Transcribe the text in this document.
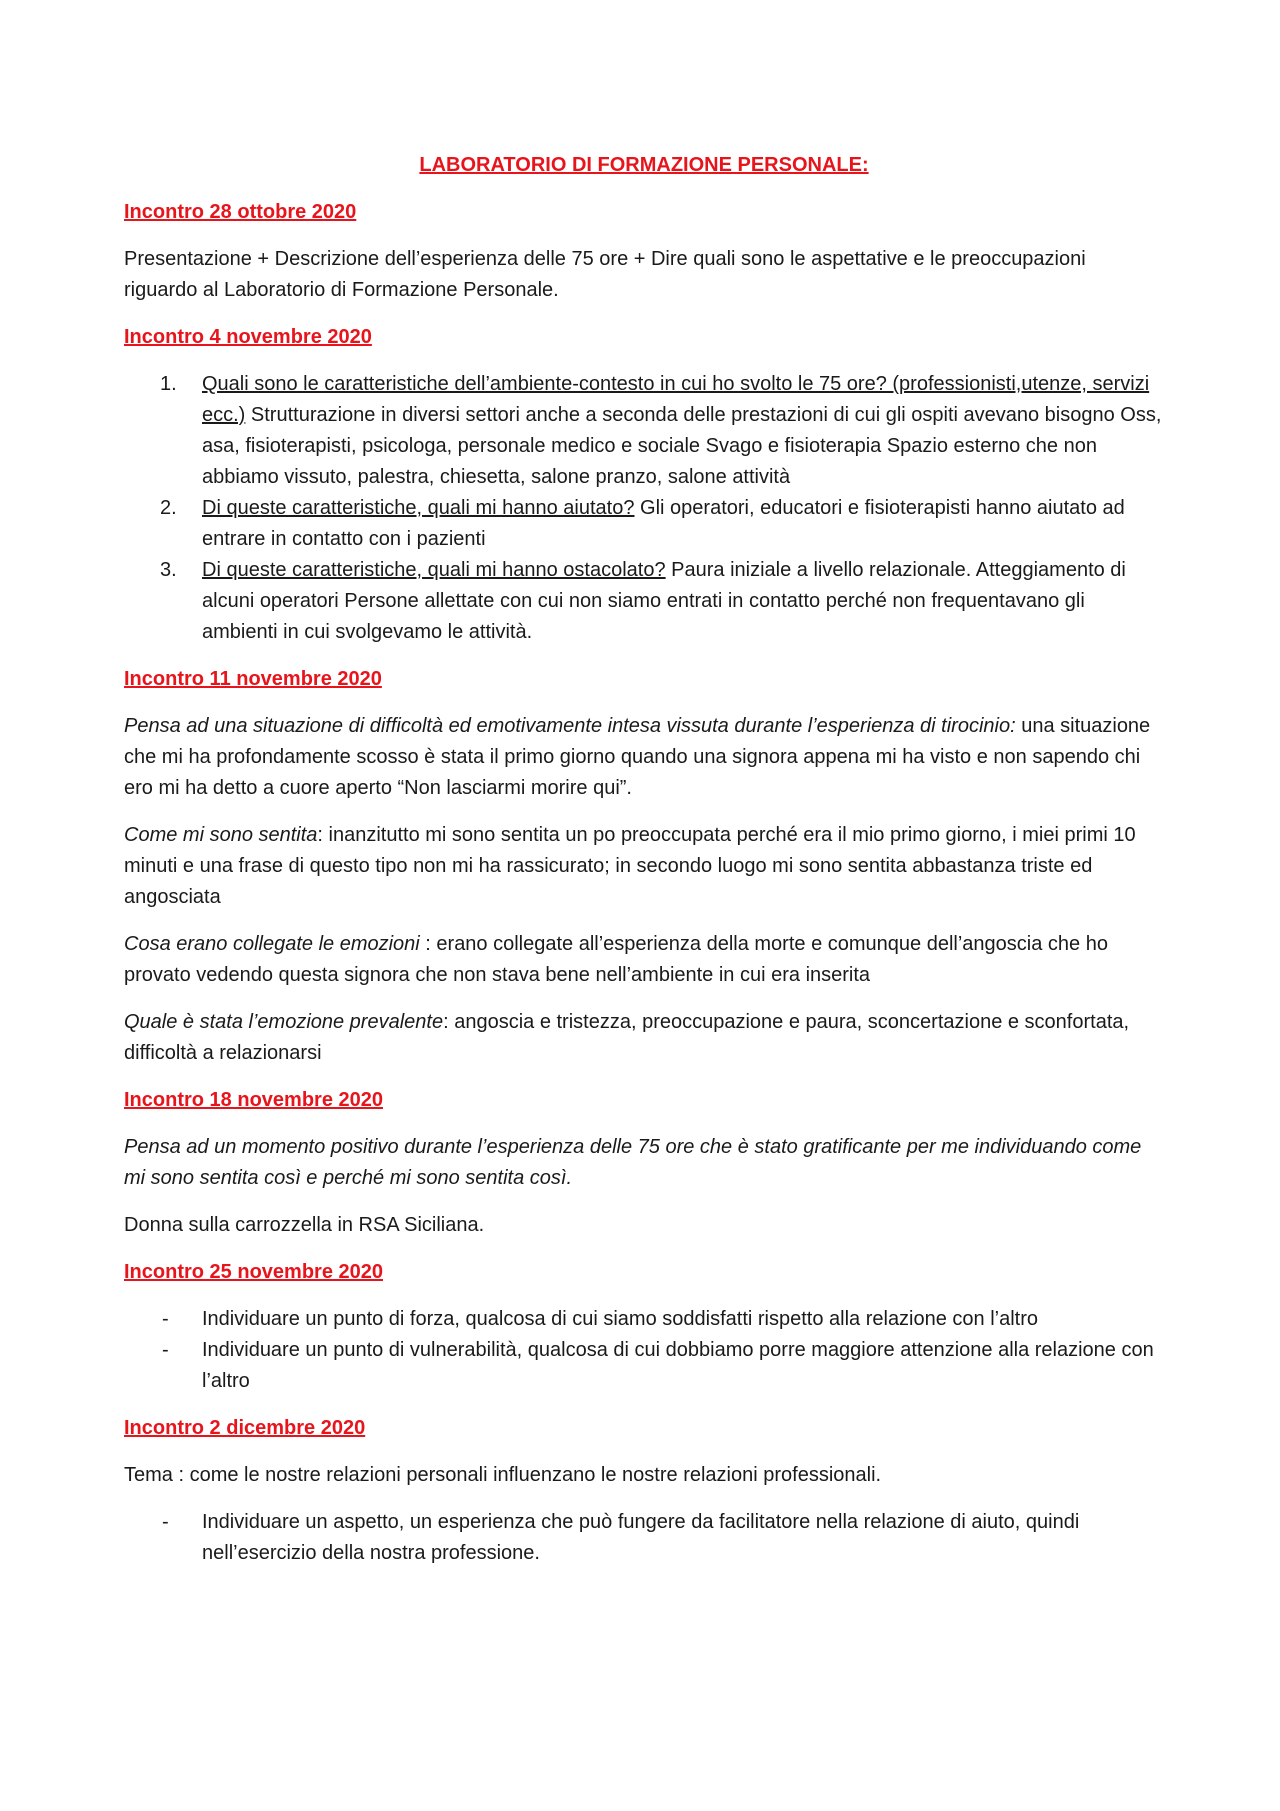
LABORATORIO DI FORMAZIONE PERSONALE:
Incontro 28 ottobre 2020

Presentazione + Descrizione dell’esperienza delle 75 ore + Dire quali sono le aspettative e le preoccupazioni riguardo al Laboratorio di Formazione Personale.

Incontro 4 novembre 2020
1. Quali sono le caratteristiche dell’ambiente-contesto in cui ho svolto le 75 ore? (professionisti,utenze, servizi ecc.) Strutturazione in diversi settori anche a seconda delle prestazioni di cui gli ospiti avevano bisogno Oss, asa, fisioterapisti, psicologa, personale medico e sociale Svago e fisioterapia Spazio esterno che non abbiamo vissuto, palestra, chiesetta, salone pranzo, salone attività
2. Di queste caratteristiche, quali mi hanno aiutato? Gli operatori, educatori e fisioterapisti hanno aiutato ad entrare in contatto con i pazienti
3. Di queste caratteristiche, quali mi hanno ostacolato? Paura iniziale a livello relazionale. Atteggiamento di alcuni operatori Persone allettate con cui non siamo entrati in contatto perché non frequentavano gli ambienti in cui svolgevamo le attività.
Incontro 11 novembre 2020

Pensa ad una situazione di difficoltà ed emotivamente intesa vissuta durante l’esperienza di tirocinio: una situazione che mi ha profondamente scosso è stata il primo giorno quando una signora appena mi ha visto e non sapendo chi ero mi ha detto a cuore aperto “Non lasciarmi morire qui”.

Come mi sono sentita: inanzitutto mi sono sentita un po preoccupata perché era il mio primo giorno, i miei primi 10 minuti e una frase di questo tipo non mi ha rassicurato; in secondo luogo mi sono sentita abbastanza triste ed angosciata

Cosa erano collegate le emozioni : erano collegate all’esperienza della morte e comunque dell’angoscia che ho provato vedendo questa signora che non stava bene nell’ambiente in cui era inserita

Quale è stata l’emozione prevalente: angoscia e tristezza, preoccupazione e paura, sconcertazione e sconfortata, difficoltà a relazionarsi

Incontro 18 novembre 2020

Pensa ad un momento positivo durante l’esperienza delle 75 ore che è stato gratificante per me individuando come mi sono sentita così e perché mi sono sentita così.

Donna sulla carrozzella in RSA Siciliana.

Incontro 25 novembre 2020
- Individuare un punto di forza, qualcosa di cui siamo soddisfatti rispetto alla relazione con l’altro
- Individuare un punto di vulnerabilità, qualcosa di cui dobbiamo porre maggiore attenzione alla relazione con l’altro
Incontro 2 dicembre 2020

Tema : come le nostre relazioni personali influenzano le nostre relazioni professionali.

- Individuare un aspetto, un esperienza che può fungere da facilitatore nella relazione di aiuto, quindi nell’esercizio della nostra professione.
